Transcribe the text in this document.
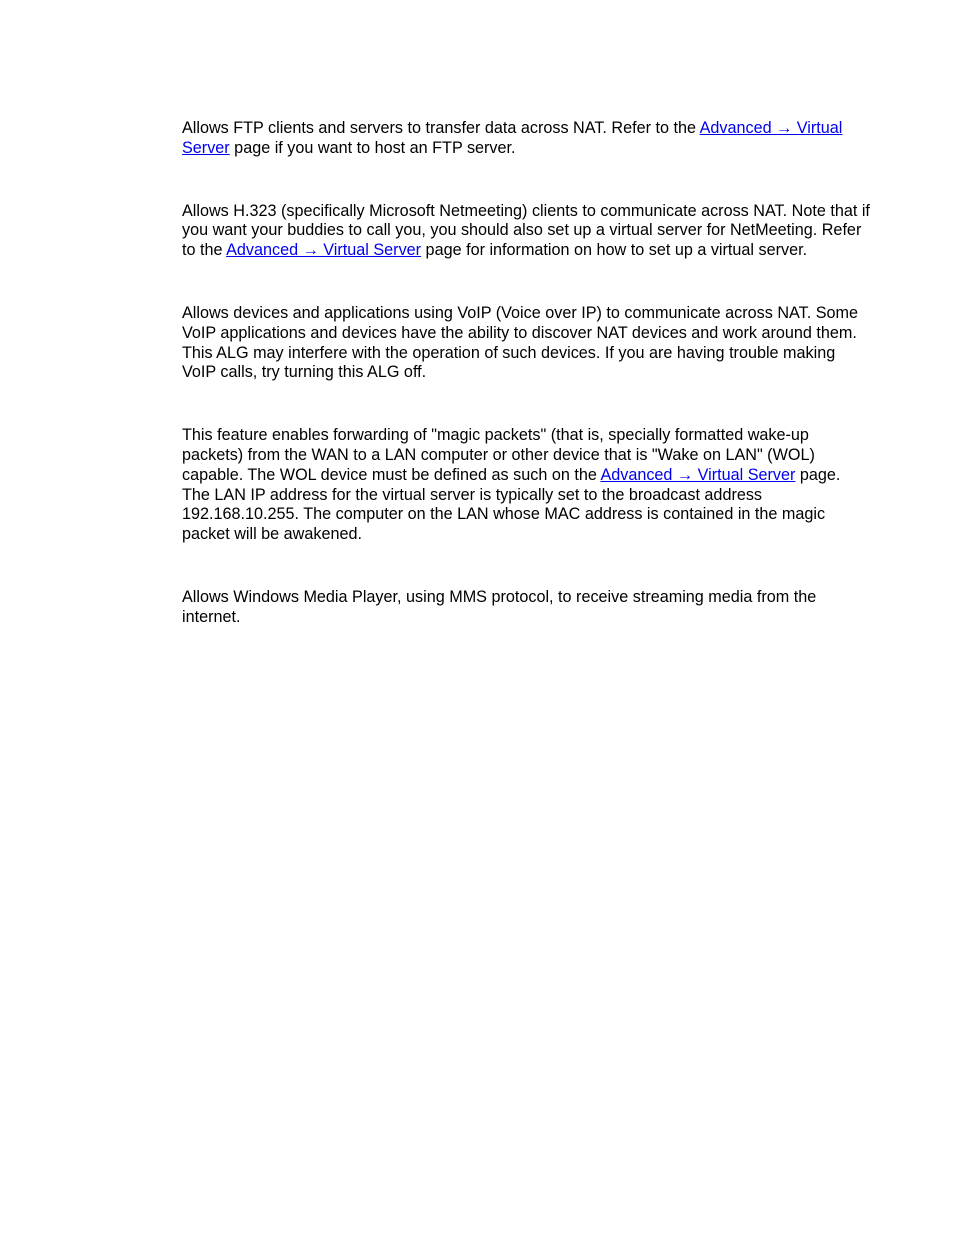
Allows FTP clients and servers to transfer data across NAT. Refer to the Advanced → Virtual Server page if you want to host an FTP server.

Allows H.323 (specifically Microsoft Netmeeting) clients to communicate across NAT. Note that if you want your buddies to call you, you should also set up a virtual server for NetMeeting. Refer to the Advanced → Virtual Server page for information on how to set up a virtual server.

Allows devices and applications using VoIP (Voice over IP) to communicate across NAT. Some VoIP applications and devices have the ability to discover NAT devices and work around them. This ALG may interfere with the operation of such devices. If you are having trouble making VoIP calls, try turning this ALG off.

This feature enables forwarding of "magic packets" (that is, specially formatted wake-up packets) from the WAN to a LAN computer or other device that is "Wake on LAN" (WOL) capable. The WOL device must be defined as such on the Advanced → Virtual Server page. The LAN IP address for the virtual server is typically set to the broadcast address 192.168.10.255. The computer on the LAN whose MAC address is contained in the magic packet will be awakened.

Allows Windows Media Player, using MMS protocol, to receive streaming media from the internet.
